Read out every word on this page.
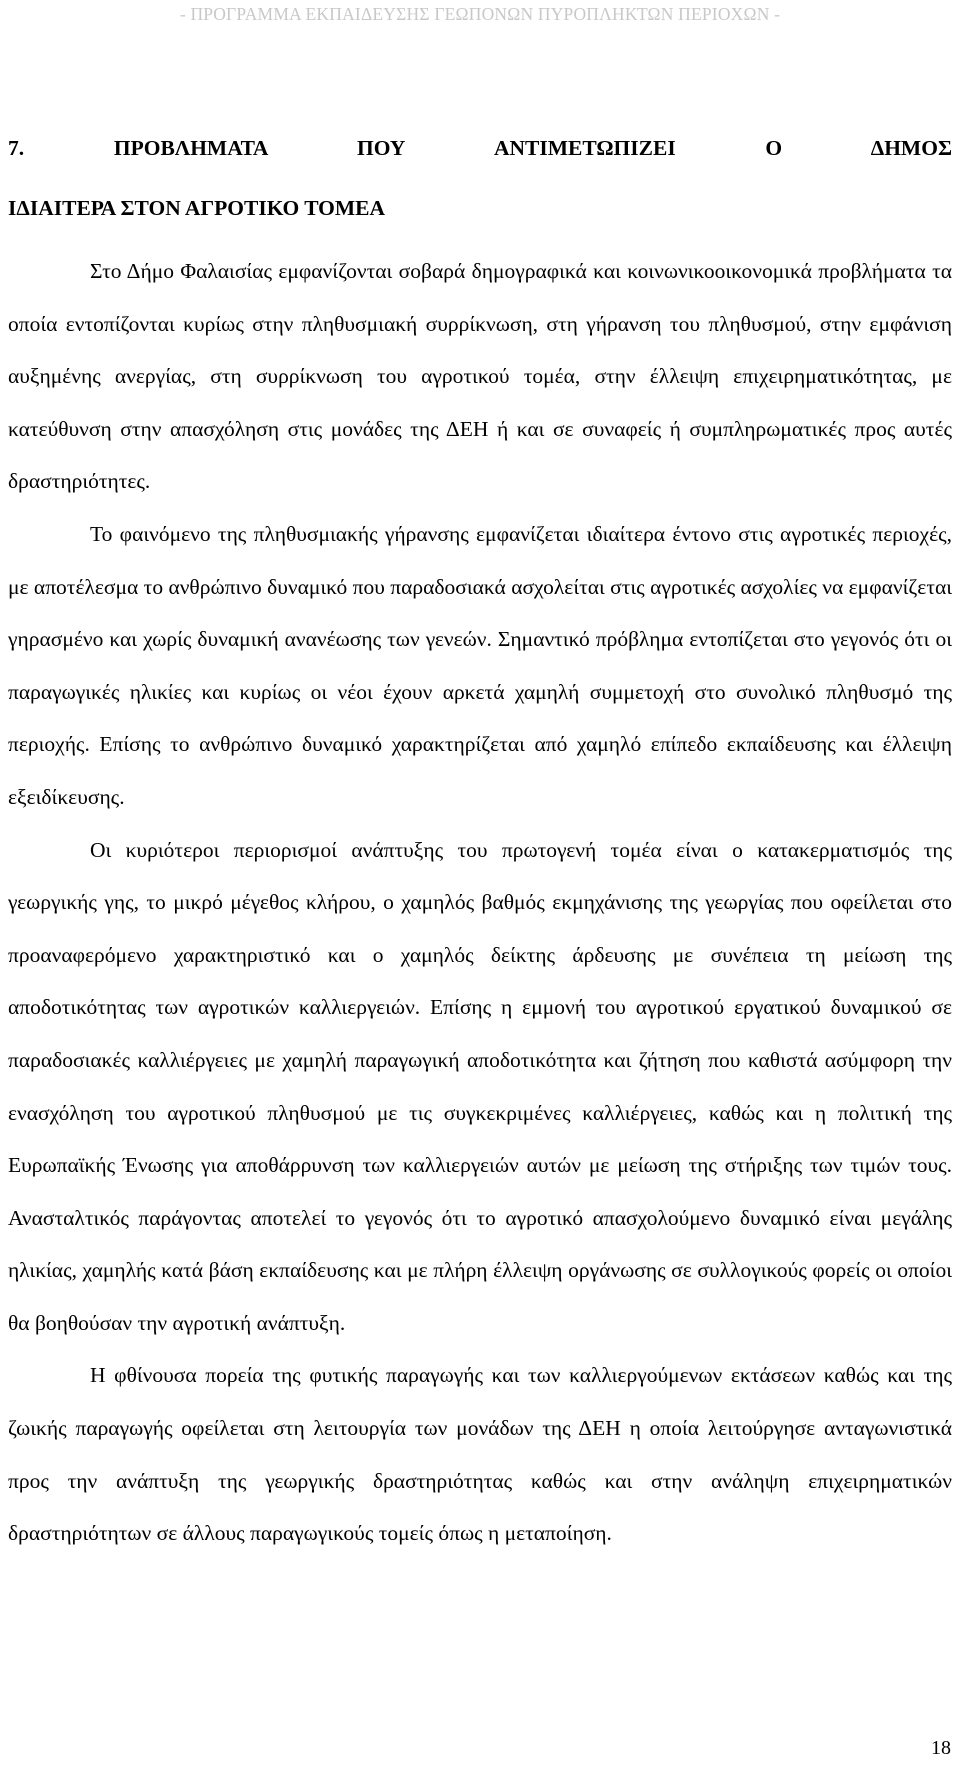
- ΠΡΟΓΡΑΜΜΑ ΕΚΠΑΙΔΕΥΣΗΣ ΓΕΩΠΟΝΩΝ ΠΥΡΟΠΛΗΚΤΩΝ ΠΕΡΙΟΧΩΝ -

7.     ΠΡΟΒΛΗΜΑΤΑ     ΠΟΥ     ΑΝΤΙΜΕΤΩΠΙΖΕΙ     Ο     ΔΗΜΟΣ

ΙΔΙΑΙΤΕΡΑ ΣΤΟΝ ΑΓΡΟΤΙΚΟ ΤΟΜΕΑ

Στο Δήμο Φαλαισίας εμφανίζονται σοβαρά δημογραφικά και κοινωνικοοικονομικά προβλήματα τα οποία εντοπίζονται κυρίως στην πληθυσμιακή συρρίκνωση, στη γήρανση του πληθυσμού, στην εμφάνιση αυξημένης ανεργίας, στη συρρίκνωση του αγροτικού τομέα, στην έλλειψη επιχειρηματικότητας, με κατεύθυνση στην απασχόληση στις μονάδες της ΔΕΗ ή και σε συναφείς ή συμπληρωματικές προς αυτές δραστηριότητες.

Το φαινόμενο της πληθυσμιακής γήρανσης εμφανίζεται ιδιαίτερα έντονο στις αγροτικές περιοχές, με αποτέλεσμα το ανθρώπινο δυναμικό που παραδοσιακά ασχολείται στις αγροτικές ασχολίες να εμφανίζεται γηρασμένο και χωρίς δυναμική ανανέωσης των γενεών. Σημαντικό πρόβλημα εντοπίζεται στο γεγονός ότι οι παραγωγικές ηλικίες και κυρίως οι νέοι έχουν αρκετά χαμηλή συμμετοχή στο συνολικό πληθυσμό της περιοχής. Επίσης το ανθρώπινο δυναμικό χαρακτηρίζεται από χαμηλό επίπεδο εκπαίδευσης και έλλειψη εξειδίκευσης.

Οι κυριότεροι περιορισμοί ανάπτυξης του πρωτογενή τομέα είναι ο κατακερματισμός της γεωργικής γης, το μικρό μέγεθος κλήρου, ο χαμηλός βαθμός εκμηχάνισης της γεωργίας που οφείλεται στο προαναφερόμενο χαρακτηριστικό και ο χαμηλός δείκτης άρδευσης με συνέπεια τη μείωση της αποδοτικότητας των αγροτικών καλλιεργειών. Επίσης η εμμονή του αγροτικού εργατικού δυναμικού σε παραδοσιακές καλλιέργειες με χαμηλή παραγωγική αποδοτικότητα και ζήτηση που καθιστά ασύμφορη την ενασχόληση του αγροτικού πληθυσμού με τις συγκεκριμένες καλλιέργειες, καθώς και η πολιτική της Ευρωπαϊκής Ένωσης για αποθάρρυνση των καλλιεργειών αυτών με μείωση της στήριξης των τιμών τους. Ανασταλτικός παράγοντας αποτελεί το γεγονός ότι το αγροτικό απασχολούμενο δυναμικό είναι μεγάλης ηλικίας, χαμηλής κατά βάση εκπαίδευσης και με πλήρη έλλειψη οργάνωσης σε συλλογικούς φορείς οι οποίοι θα βοηθούσαν την αγροτική ανάπτυξη.

Η φθίνουσα πορεία της φυτικής παραγωγής και των καλλιεργούμενων εκτάσεων καθώς και της ζωικής παραγωγής οφείλεται στη λειτουργία των μονάδων της ΔΕΗ η οποία λειτούργησε ανταγωνιστικά προς την ανάπτυξη της γεωργικής δραστηριότητας καθώς και στην ανάληψη επιχειρηματικών δραστηριότητων σε άλλους παραγωγικούς τομείς όπως η μεταποίηση.

18
